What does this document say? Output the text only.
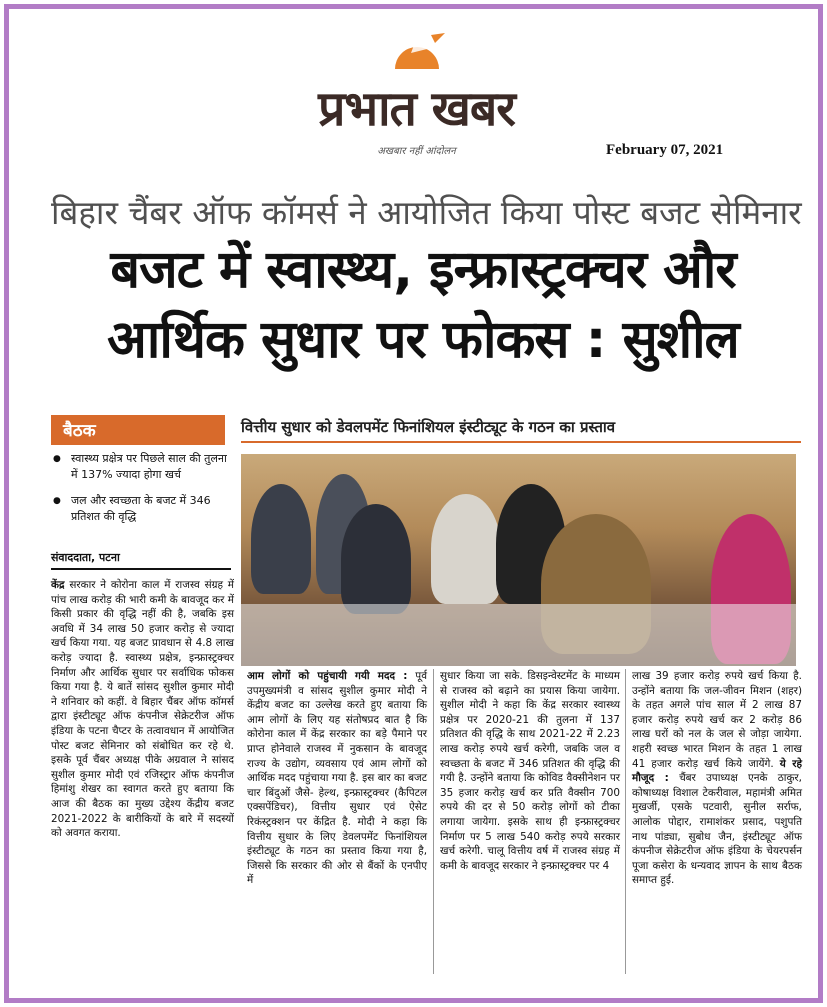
प्रभात खबर
अखबार नहीं आंदोलन	February 07, 2021
बिहार चैंबर ऑफ कॉमर्स ने आयोजित किया पोस्ट बजट सेमिनार
बजट में स्वास्थ्य, इन्फ्रास्ट्रक्चर और
आर्थिक सुधार पर फोकस : सुशील
बैठक
● स्वास्थ्य प्रक्षेत्र पर पिछले साल की तुलना में 137% ज्यादा होगा खर्च
● जल और स्वच्छता के बजट में 346 प्रतिशत की वृद्धि
संवाददाता, पटना
केंद्र सरकार ने कोरोना काल में राजस्व संग्रह में पांच लाख करोड़ की भारी कमी के बावजूद कर में किसी प्रकार की वृद्धि नहीं की है, जबकि इस अवधि में 34 लाख 50 हजार करोड़ से ज्यादा खर्च किया गया. यह बजट प्रावधान से 4.8 लाख करोड़ ज्यादा है. स्वास्थ्य प्रक्षेत्र, इन्फ्रास्ट्रक्चर निर्माण और आर्थिक सुधार पर सर्वाधिक फोकस किया गया है. ये बातें सांसद सुशील कुमार मोदी ने शनिवार को कहीं. वे बिहार चैंबर ऑफ कॉमर्स द्वारा इंस्टीट्यूट ऑफ कंपनीज सेक्रेटरीज ऑफ इंडिया के पटना चैप्टर के तत्वावधान में आयोजित पोस्ट बजट सेमिनार को संबोधित कर रहे थे. इसके पूर्व चैंबर अध्यक्ष पीके अग्रवाल ने सांसद सुशील कुमार मोदी एवं रजिस्ट्रार ऑफ कंपनीज हिमांशु शेखर का स्वागत करते हुए बताया कि आज की बैठक का मुख्य उद्देश्य केंद्रीय बजट 2021-2022 के बारीकियों के बारे में सदस्यों को अवगत कराया.
वित्तीय सुधार को डेवलपमेंट फिनांशियल इंस्टीट्यूट के गठन का प्रस्ताव
आम लोगों को पहुंचायी गयी मदद : पूर्व उपमुख्यमंत्री व सांसद सुशील कुमार मोदी ने केंद्रीय बजट का उल्लेख करते हुए बताया कि आम लोगों के लिए यह संतोषप्रद बात है कि कोरोना काल में केंद्र सरकार का बड़े पैमाने पर प्राप्त होनेवाले राजस्व में नुकसान के बावजूद राज्य के उद्योग, व्यवसाय एवं आम लोगों को आर्थिक मदद पहुंचाया गया है. इस बार का बजट चार बिंदुओं जैसे- हेल्थ, इन्फ्रास्ट्रक्चर (कैपिटल एक्सपेंडिचर), वित्तीय सुधार एवं ऐसेट रिकंस्ट्रक्शन पर केंद्रित है. मोदी ने कहा कि वित्तीय सुधार के लिए डेवलपमेंट फिनांशियल इंस्टीट्यूट के गठन का प्रस्ताव किया गया है, जिससे कि सरकार की ओर से बैंकों के एनपीए में
सुधार किया जा सके. डिसइन्वेस्टमेंट के माध्यम से राजस्व को बढ़ाने का प्रयास किया जायेगा. सुशील मोदी ने कहा कि केंद्र सरकार स्वास्थ्य प्रक्षेत्र पर 2020-21 की तुलना में 137 प्रतिशत की वृद्धि के साथ 2021-22 में 2.23 लाख करोड़ रुपये खर्च करेगी, जबकि जल व स्वच्छता के बजट में 346 प्रतिशत की वृद्धि की गयी है. उन्होंने बताया कि कोविड वैक्सीनेशन पर 35 हजार करोड़ खर्च कर प्रति वैक्सीन 700 रुपये की दर से 50 करोड़ लोगों को टीका लगाया जायेगा. इसके साथ ही इन्फ्रास्ट्रक्चर निर्माण पर 5 लाख 540 करोड़ रुपये सरकार खर्च करेगी. चालू वित्तीय वर्ष में राजस्व संग्रह में कमी के बावजूद सरकार ने इन्फ्रास्ट्रक्चर पर 4
लाख 39 हजार करोड़ रुपये खर्च किया है. उन्होंने बताया कि जल-जीवन मिशन (शहर) के तहत अगले पांच साल में 2 लाख 87 हजार करोड़ रुपये खर्च कर 2 करोड़ 86 लाख घरों को नल के जल से जोड़ा जायेगा. शहरी स्वच्छ भारत मिशन के तहत 1 लाख 41 हजार करोड़ खर्च किये जायेंगे. ये रहे मौजूद : चैंबर उपाध्यक्ष एनके ठाकुर, कोषाध्यक्ष विशाल टेकरीवाल, महामंत्री अमित मुखर्जी, एसके पटवारी, सुनील सर्राफ, आलोक पोद्दार, रामाशंकर प्रसाद, पशुपति नाथ पांड्या, सुबोध जैन, इंस्टीट्यूट ऑफ कंपनीज सेक्रेटरीज ऑफ इंडिया के चेयरपर्सन पूजा कसेरा के धन्यवाद ज्ञापन के साथ बैठक समाप्त हुई.
